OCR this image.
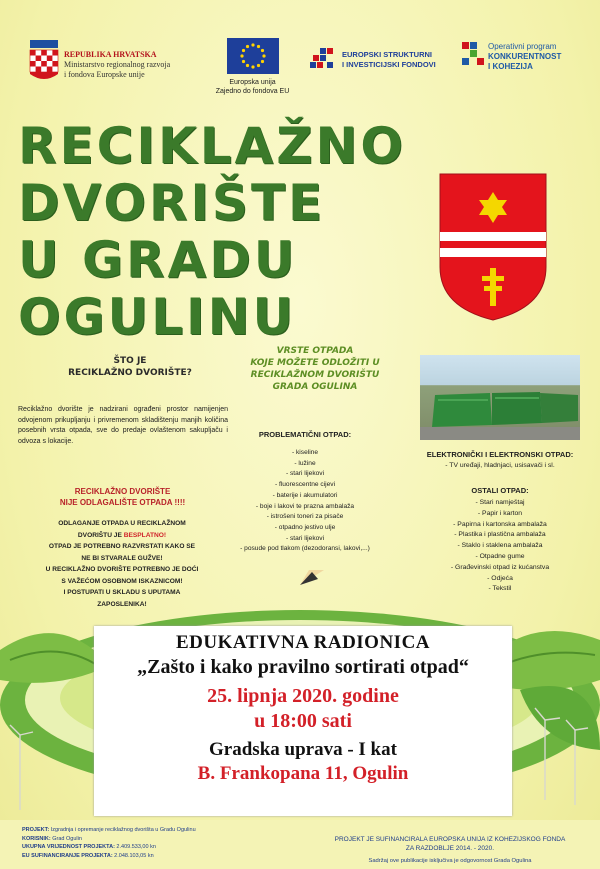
REPUBLIKA HRVATSKA
Ministarstvo regionalnog razvoja
i fondova Europske unije
Europska unija
Zajedno do fondova EU
EUROPSKI STRUKTURNI
I INVESTICIJSKI FONDOVI
Operativni program
KONKURENTNOST
I KOHEZIJA
RECIKLAŽNO
DVORIŠTE
U GRADU
OGULINU
ŠTO JE
RECIKLAŽNO DVORIŠTE?
Reciklažno dvorište je nadzirani ograđeni prostor namijenjen odvojenom prikupljanju i privremenom skladištenju manjih količina posebnih vrsta otpada, sve do predaje ovlaštenom sakupljaču i odvoza s lokacije.
RECIKLAŽNO DVORIŠTE
NIJE ODLAGALIŠTE OTPADA !!!!
ODLAGANJE OTPADA U RECIKLAŽNOM
DVORIŠTU JE BESPLATNO!
OTPAD JE POTREBNO RAZVRSTATI KAKO SE
NE BI STVARALE GUŽVE!
U RECIKLAŽNO DVORIŠTE POTREBNO JE DOĆI
S VAŽEĆOM OSOBNOM ISKAZNICOM!
I POSTUPATI U SKLADU S UPUTAMA
ZAPOSLENIKA!
VRSTE OTPADA
KOJE MOŽETE ODLOŽITI U
RECIKLAŽNOM DVORIŠTU
GRADA OGULINA
PROBLEMATIČNI OTPAD:
- kiseline
- lužine
- stari lijekovi
- fluorescentne cijevi
- baterije i akumulatori
- boje i lakovi te prazna ambalaža
- istrošeni toneri za pisače
- otpadno jestivo ulje
- stari lijekovi
- posude pod tlakom (dezodoransi, lakovi,...)
ELEKTRONIČKI I ELEKTRONSKI OTPAD:
- TV uređaji, hladnjaci, usisavači i sl.
OSTALI OTPAD:
- Stari namještaj
- Papir i karton
- Papirna i kartonska ambalaža
- Plastika i plastična ambalaža
- Staklo i staklena ambalaža
- Otpadne gume
- Građevinski otpad iz kućanstva
- Odjeća
- Tekstil
EDUKATIVNA RADIONICA
„Zašto i kako pravilno sortirati otpad“
25. lipnja 2020. godine
u 18:00 sati
Gradska uprava - I kat
B. Frankopana 11, Ogulin
PROJEKT: Izgradnja i opremanje reciklažnog dvorišta u Gradu Ogulinu
KORISNIK: Grad Ogulin
UKUPNA VRIJEDNOST PROJEKTA: 2.409.533,00 kn
EU SUFINANCIRANJE PROJEKTA: 2.048.103,05 kn
PROJEKT JE SUFINANCIRALA EUROPSKA UNIJA IZ KOHEZIJSKOG FONDA
ZA RAZDOBLJE 2014. - 2020.
Sadržaj ove publikacije isključiva je odgovornost Grada Ogulina
